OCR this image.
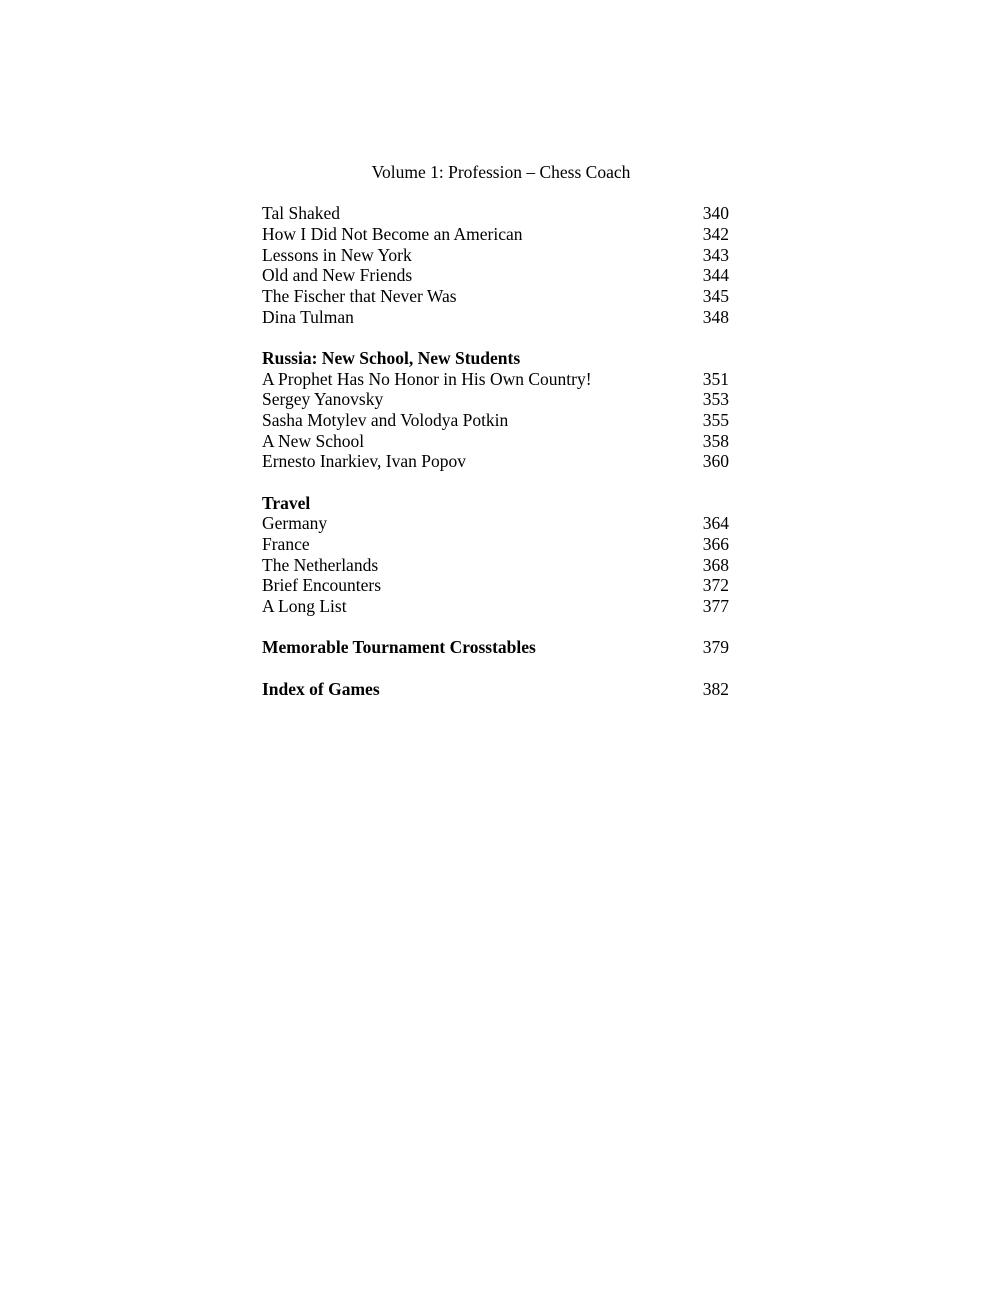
Volume 1: Profession – Chess Coach
Tal Shaked	340
How I Did Not Become an American	342
Lessons in New York	343
Old and New Friends	344
The Fischer that Never Was	345
Dina Tulman	348
Russia: New School, New Students
A Prophet Has No Honor in His Own Country!	351
Sergey Yanovsky	353
Sasha Motylev and Volodya Potkin	355
A New School	358
Ernesto Inarkiev, Ivan Popov	360
Travel
Germany	364
France	366
The Netherlands	368
Brief Encounters	372
A Long List	377
Memorable Tournament Crosstables	379
Index of Games	382
